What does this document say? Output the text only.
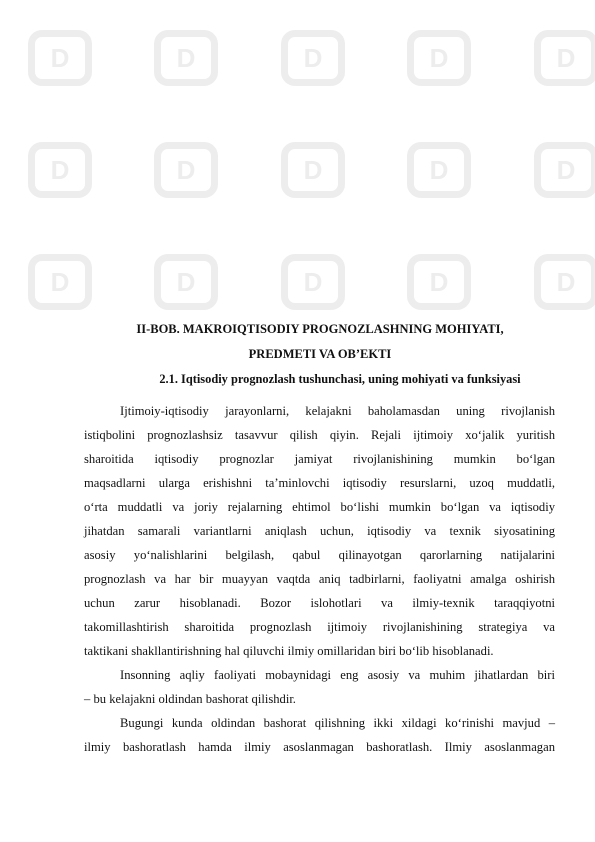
D	D	D	D	D
D	D	D	D	D
D	D	D	D	D
II-BOB. MAKROIQTISODIY PROGNOZLASHNING MOHIYATI,
PREDMETI VA OB’EKTI
2.1. Iqtisodiy prognozlash tushunchasi, uning mohiyati va funksiyasi
Ijtimoiy-iqtisodiy jarayonlarni, kelajakni baholamasdan uning rivojlanish
istiqbolini prognozlashsiz tasavvur qilish qiyin. Rejali ijtimoiy xo‘jalik yuritish
sharoitida iqtisodiy prognozlar jamiyat rivojlanishining mumkin bo‘lgan
maqsadlarni ularga erishishni ta’minlovchi iqtisodiy resurslarni, uzoq muddatli,
o‘rta muddatli va joriy rejalarning ehtimol bo‘lishi mumkin bo‘lgan va iqtisodiy
jihatdan samarali variantlarni aniqlash uchun, iqtisodiy va texnik siyosatining
asosiy yo‘nalishlarini belgilash, qabul qilinayotgan qarorlarning natijalarini
prognozlash va har bir muayyan vaqtda aniq tadbirlarni, faoliyatni amalga oshirish
uchun zarur hisoblanadi. Bozor islohotlari va ilmiy-texnik taraqqiyotni
takomillashtirish sharoitida prognozlash ijtimoiy rivojlanishining strategiya va
taktikani shakllantirishning hal qiluvchi ilmiy omillaridan biri bo‘lib hisoblanadi.
Insonning aqliy faoliyati mobaynidagi eng asosiy va muhim jihatlardan biri
– bu kelajakni oldindan bashorat qilishdir.
Bugungi kunda oldindan bashorat qilishning ikki xildagi ko‘rinishi mavjud –
ilmiy bashoratlash hamda ilmiy asoslanmagan bashoratlash. Ilmiy asoslanmagan
